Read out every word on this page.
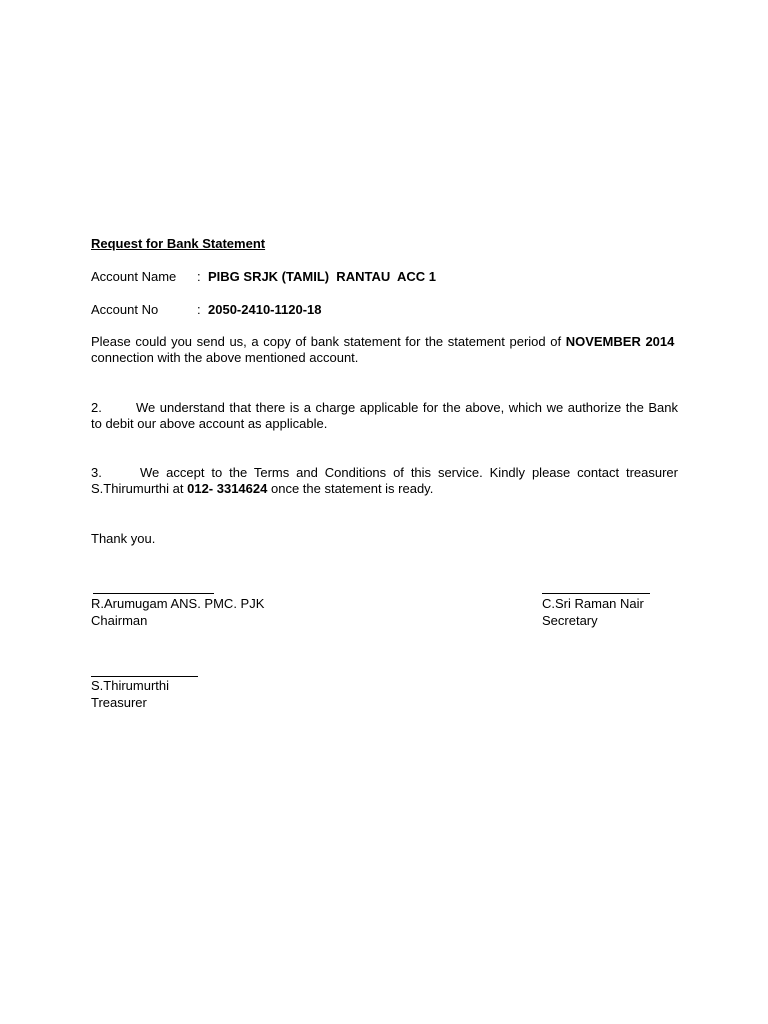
Request for Bank Statement
Account Name : PIBG SRJK (TAMIL)  RANTAU  ACC 1
Account No	: 2050-2410-1120-18
Please could you send us, a copy of bank statement for the statement period of NOVEMBER 2014  connection with the above mentioned account.
2.	We understand that there is a charge applicable for the above, which we authorize the Bank to debit our above account as applicable.
3.	We accept to the Terms and Conditions of this service. Kindly please contact treasurer S.Thirumurthi at 012- 3314624 once the statement is ready.
Thank you.
R.Arumugam ANS. PMC. PJK
Chairman
C.Sri Raman Nair
Secretary
S.Thirumurthi
Treasurer
